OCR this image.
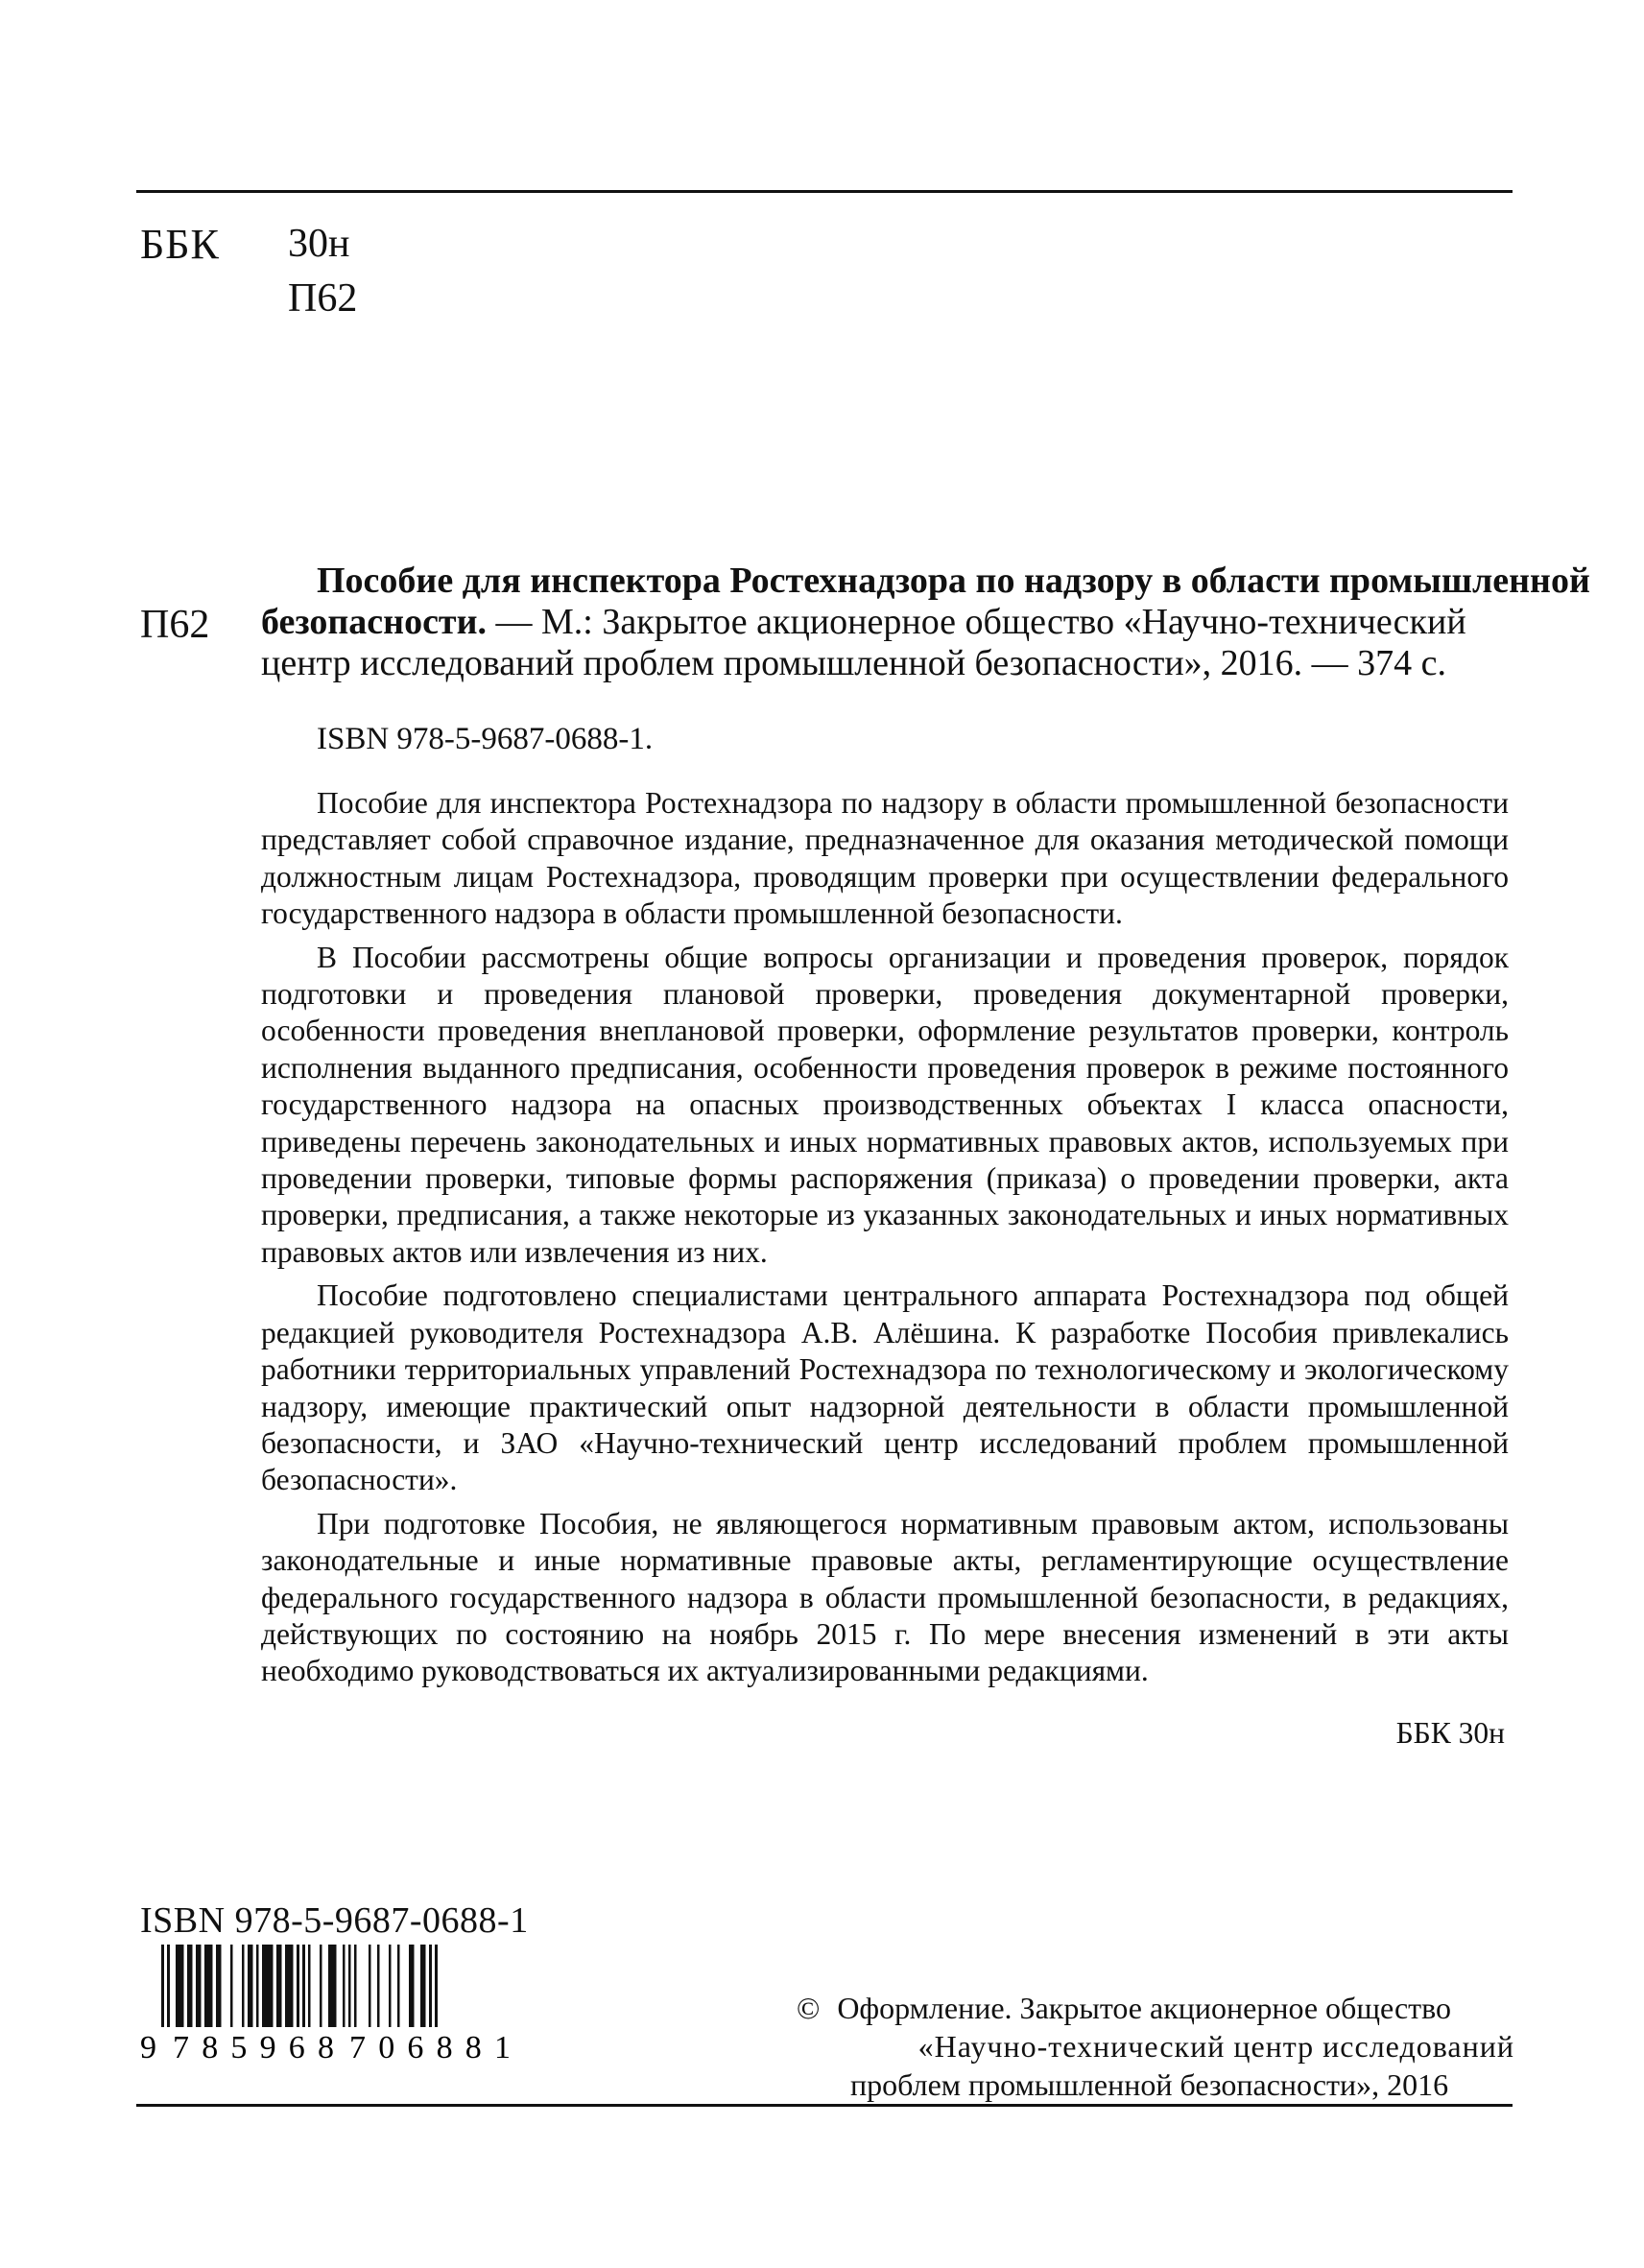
ББК 30н
П62
П62
Пособие для инспектора Ростехнадзора по надзору в области промышленной
безопасности. — М.: Закрытое акционерное общество «Научно-технический
центр исследований проблем промышленной безопасности», 2016. — 374 с.
ISBN 978-5-9687-0688-1.

Пособие для инспектора Ростехнадзора по надзору в области промышленной безопасности представляет собой справочное издание, предназначенное для оказания методической помощи должностным лицам Ростехнадзора, проводящим проверки при осуществлении федерального государственного надзора в области промышленной безопасности.

В Пособии рассмотрены общие вопросы организации и проведения проверок, порядок подготовки и проведения плановой проверки, проведения документарной проверки, особенности проведения внеплановой проверки, оформление результатов проверки, контроль исполнения выданного предписания, особенности проведения проверок в режиме постоянного государственного надзора на опасных производственных объектах I класса опасности, приведены перечень законодательных и иных нормативных правовых актов, используемых при проведении проверки, типовые формы распоряжения (приказа) о проведении проверки, акта проверки, предписания, а также некоторые из указанных законодательных и иных нормативных правовых актов или извлечения из них.

Пособие подготовлено специалистами центрального аппарата Ростехнадзора под общей редакцией руководителя Ростехнадзора А.В. Алёшина. К разработке Пособия привлекались работники территориальных управлений Ростехнадзора по технологическому и экологическому надзору, имеющие практический опыт надзорной деятельности в области промышленной безопасности, и ЗАО «Научно-технический центр исследований проблем промышленной безопасности».

При подготовке Пособия, не являющегося нормативным правовым актом, использованы законодательные и иные нормативные правовые акты, регламентирующие осуществление федерального государственного надзора в области промышленной безопасности, в редакциях, действующих по состоянию на ноябрь 2015 г. По мере внесения изменений в эти акты необходимо руководствоваться их актуализированными редакциями.

ББК 30н

ISBN 978-5-9687-0688-1
9 785968 706881
© Оформление. Закрытое акционерное общество
«Научно-технический центр исследований
проблем промышленной безопасности», 2016
